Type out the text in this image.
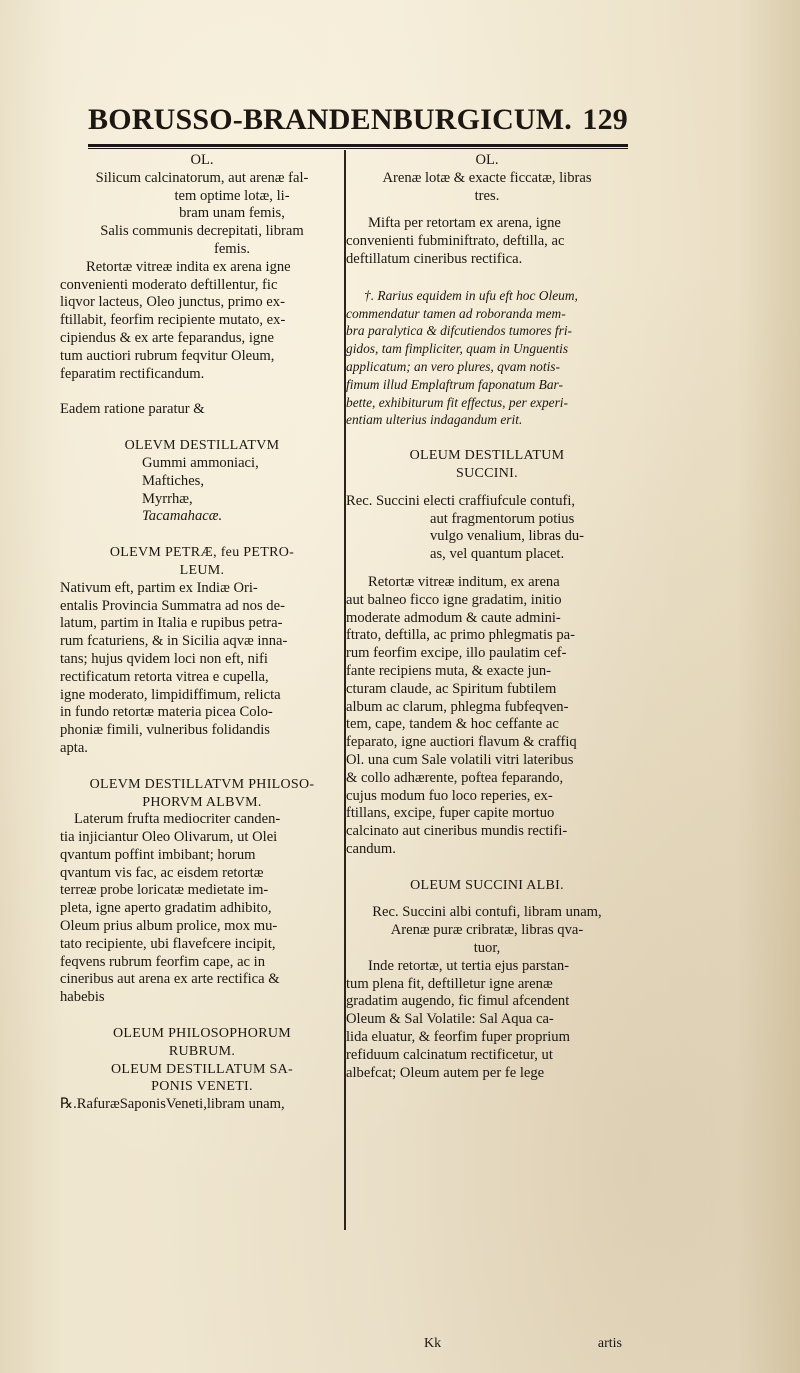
BORUSSO-BRANDENBURGICUM. 129
OL.
Silicum calcinatorum, aut arenæ fal-
tem optime lotæ, li-
bram unam femis,
Salis communis decrepitati, libram
femis.
Retortæ vitreæ indita ex arena igne
convenienti moderato deftillentur, fic
liqvor lacteus, Oleo junctus, primo ex-
ftillabit, feorfim recipiente mutato, ex-
cipiendus & ex arte feparandus, igne
tum auctiori rubrum feqvitur Oleum,
feparatim rectificandum.
Eadem ratione paratur &
OLEVM DESTILLATVM
Gummi ammoniaci,
Maftiches,
Myrrhæ,
Tacamahacæ.
OLEVM PETRÆ, feu PETRO-
LEUM.
Nativum eft, partim ex Indiæ Ori-
entalis Provincia Summatra ad nos de-
latum, partim in Italia e rupibus petra-
rum fcaturiens, & in Sicilia aqvæ inna-
tans; hujus qvidem loci non eft, nifi
rectificatum retorta vitrea e cupella,
igne moderato, limpidiffimum, relicta
in fundo retortæ materia picea Colo-
phoniæ fimili, vulneribus folidandis
apta.
OLEVM DESTILLATVM PHILOSO-
PHORVM ALBVM.
Laterum frufta mediocriter canden-
tia injiciantur Oleo Olivarum, ut Olei
qvantum poffint imbibant; horum
qvantum vis fac, ac eisdem retortæ
terreæ probe loricatæ medietate im-
pleta, igne aperto gradatim adhibito,
Oleum prius album prolice, mox mu-
tato recipiente, ubi flavefcere incipit,
feqvens rubrum feorfim cape, ac in
cineribus aut arena ex arte rectifica &
habebis
OLEUM PHILOSOPHORUM
RUBRUM.
OLEUM DESTILLATUM SA-
PONIS VENETI.
℞.RafuræSaponisVeneti,libram unam,
OL.
Arenæ lotæ & exacte ficcatæ, libras
tres.
Mifta per retortam ex arena, igne
convenienti fubminiftrato, deftilla, ac
deftillatum cineribus rectifica.
†. Rarius equidem in ufu eft hoc Oleum,
commendatur tamen ad roboranda mem-
bra paralytica & difcutiendos tumores fri-
gidos, tam fimpliciter, quam in Unguentis
applicatum; an vero plures, qvam notis-
fimum illud Emplaftrum faponatum Bar-
bette, exhibiturum fit effectus, per experi-
entiam ulterius indagandum erit.
OLEUM DESTILLATUM
SUCCINI.
Rec. Succini electi craffiufcule contufi,
aut fragmentorum potius
vulgo venalium, libras du-
as, vel quantum placet.
Retortæ vitreæ inditum, ex arena
aut balneo ficco igne gradatim, initio
moderate admodum & caute admini-
ftrato, deftilla, ac primo phlegmatis pa-
rum feorfim excipe, illo paulatim cef-
fante recipiens muta, & exacte jun-
cturam claude, ac Spiritum fubtilem
album ac clarum, phlegma fubfeqven-
tem, cape, tandem & hoc ceffante ac
feparato, igne auctiori flavum & craffiq
Ol. una cum Sale volatili vitri lateribus
& collo adhærente, poftea feparando,
cujus modum fuo loco reperies, ex-
ftillans, excipe, fuper capite mortuo
calcinato aut cineribus mundis rectifi-
candum.
OLEUM SUCCINI ALBI.
Rec. Succini albi contufi, libram unam,
Arenæ puræ cribratæ, libras qva-
tuor,
Inde retortæ, ut tertia ejus parstan-
tum plena fit, deftilletur igne arenæ
gradatim augendo, fic fimul afcendent
Oleum & Sal Volatile: Sal Aqua ca-
lida eluatur, & feorfim fuper proprium
refiduum calcinatum rectificetur, ut
albefcat; Oleum autem per fe lege
Kk	artis
